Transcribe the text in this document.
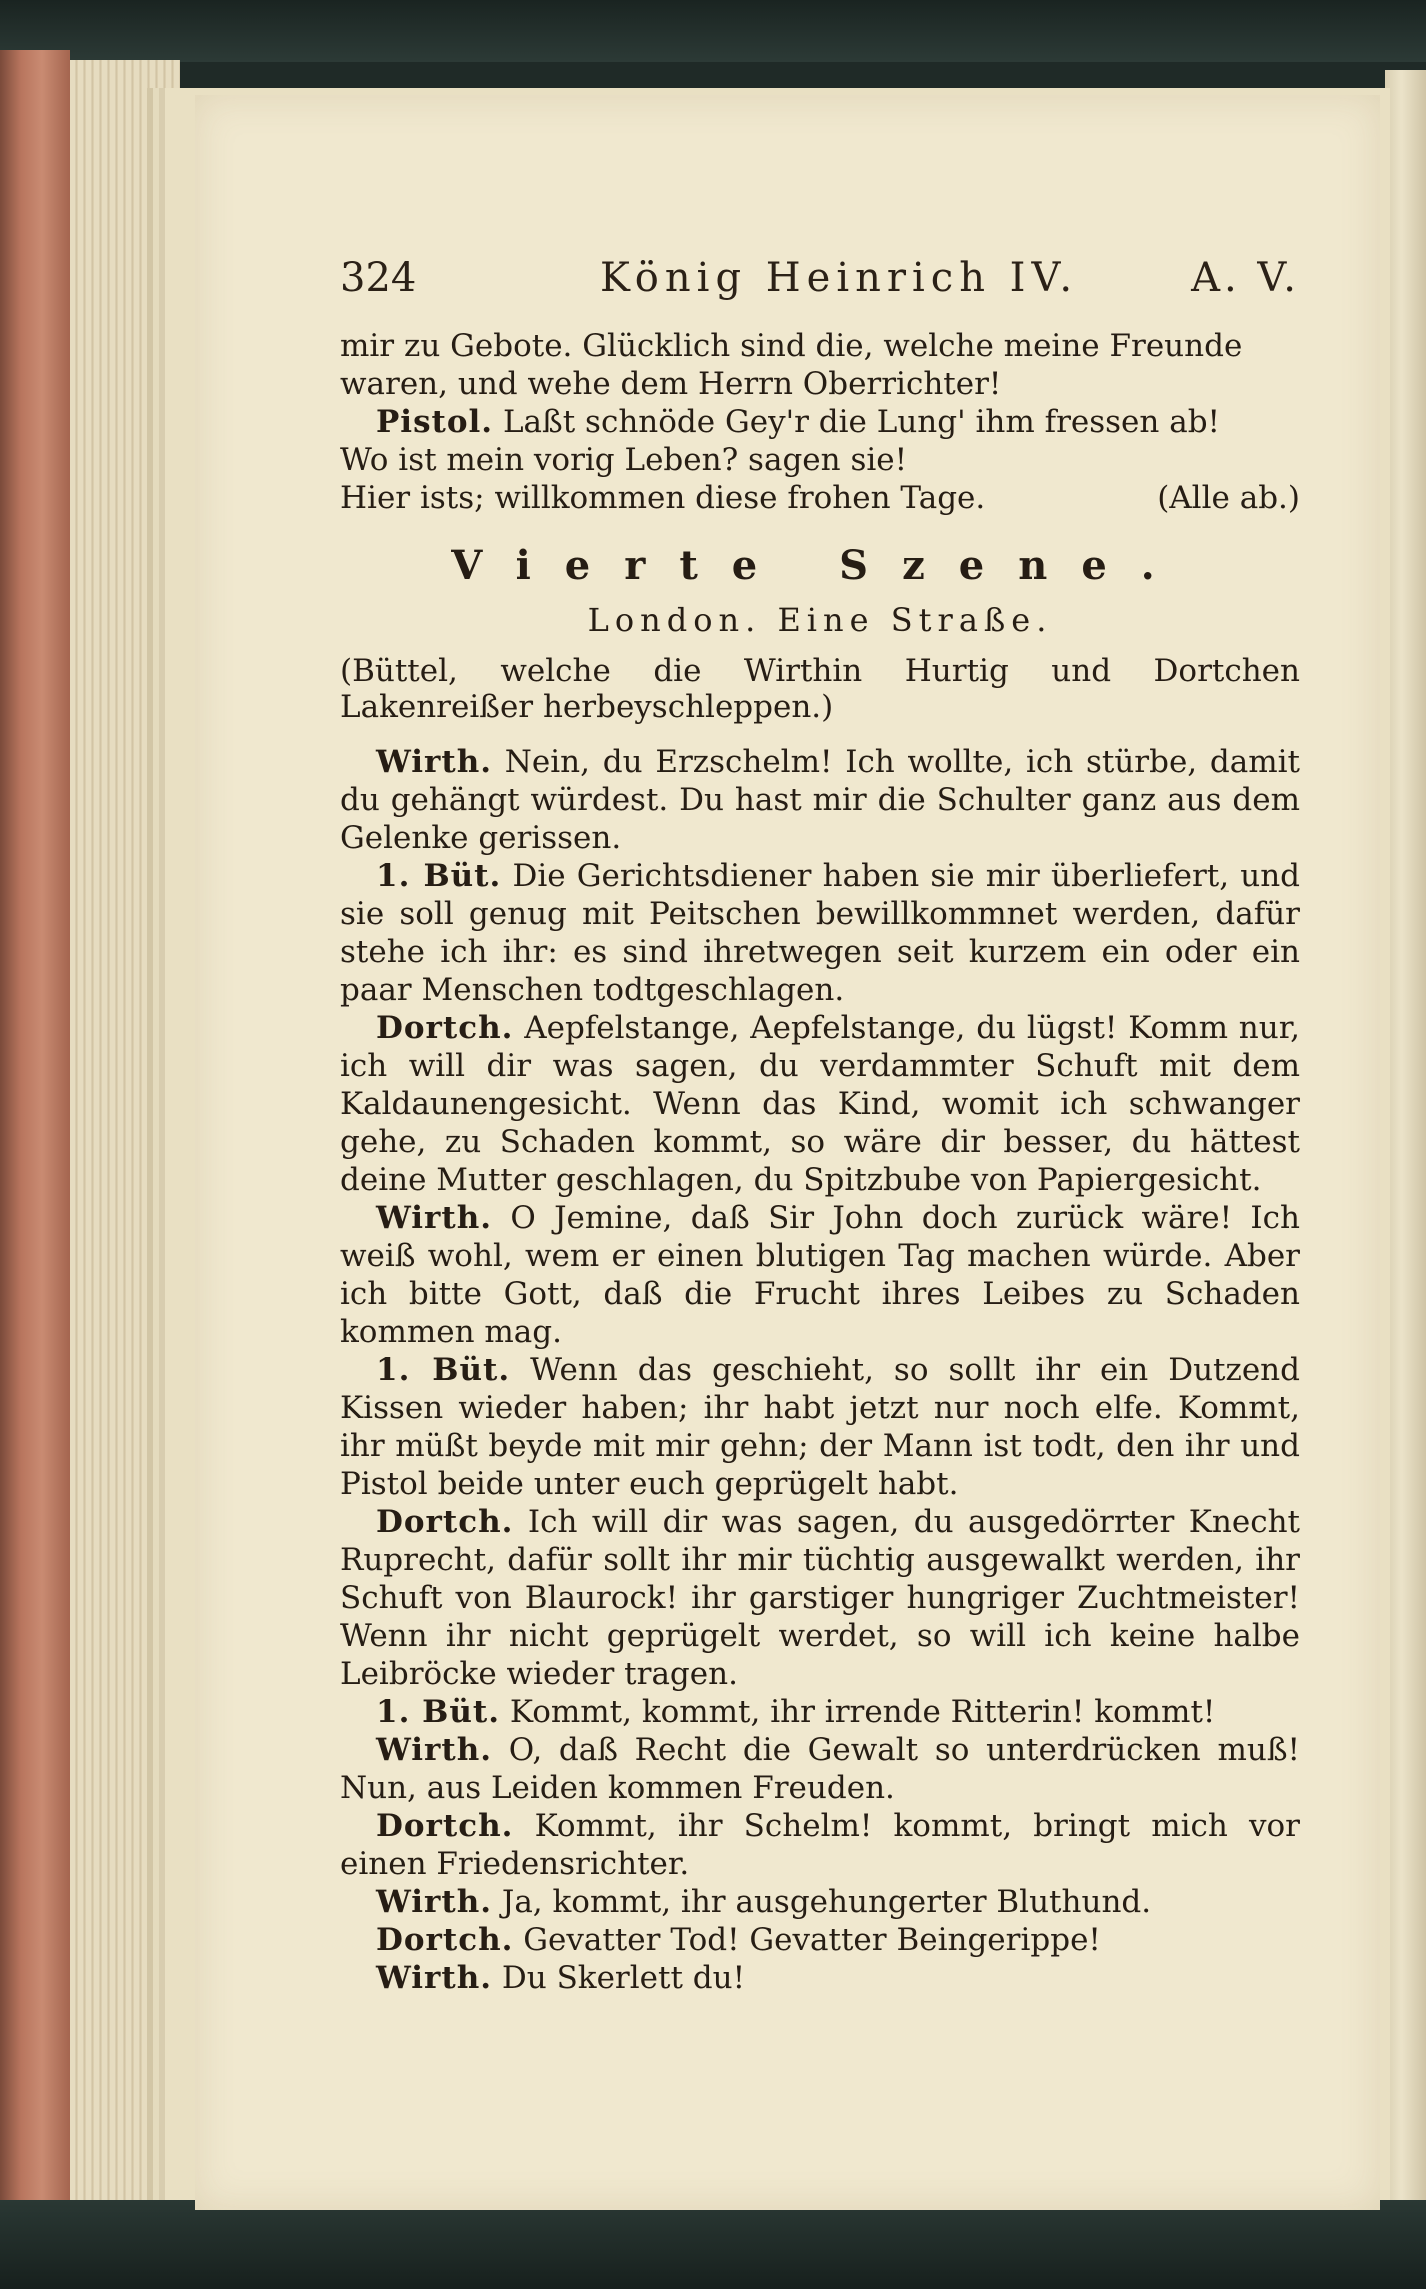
324	König Heinrich IV.	A. V.

mir zu Gebote. Glücklich sind die, welche meine Freunde

waren, und wehe dem Herrn Oberrichter!

Pistol. Laßt schnöde Gey'r die Lung' ihm fressen ab!

Wo ist mein vorig Leben? sagen sie!

Hier ists; willkommen diese frohen Tage.	(Alle ab.)

Vierte Szene.

London. Eine Straße.

(Büttel, welche die Wirthin Hurtig und Dortchen Lakenreißer herbeyschleppen.)

Wirth. Nein, du Erzschelm! Ich wollte, ich stürbe, damit du gehängt würdest. Du hast mir die Schulter ganz aus dem Gelenke gerissen.

1. Büt. Die Gerichtsdiener haben sie mir überliefert, und sie soll genug mit Peitschen bewillkommnet werden, dafür stehe ich ihr: es sind ihretwegen seit kurzem ein oder ein paar Menschen todtgeschlagen.

Dortch. Aepfelstange, Aepfelstange, du lügst! Komm nur, ich will dir was sagen, du verdammter Schuft mit dem Kaldaunengesicht. Wenn das Kind, womit ich schwanger gehe, zu Schaden kommt, so wäre dir besser, du hättest deine Mutter geschlagen, du Spitzbube von Papiergesicht.

Wirth. O Jemine, daß Sir John doch zurück wäre! Ich weiß wohl, wem er einen blutigen Tag machen würde. Aber ich bitte Gott, daß die Frucht ihres Leibes zu Schaden kommen mag.

1. Büt. Wenn das geschieht, so sollt ihr ein Dutzend Kissen wieder haben; ihr habt jetzt nur noch elfe. Kommt, ihr müßt beyde mit mir gehn; der Mann ist todt, den ihr und Pistol beide unter euch geprügelt habt.

Dortch. Ich will dir was sagen, du ausgedörrter Knecht Ruprecht, dafür sollt ihr mir tüchtig ausgewalkt werden, ihr Schuft von Blaurock! ihr garstiger hungriger Zuchtmeister! Wenn ihr nicht geprügelt werdet, so will ich keine halbe Leibröcke wieder tragen.

1. Büt. Kommt, kommt, ihr irrende Ritterin! kommt!

Wirth. O, daß Recht die Gewalt so unterdrücken muß! Nun, aus Leiden kommen Freuden.

Dortch. Kommt, ihr Schelm! kommt, bringt mich vor einen Friedensrichter.

Wirth. Ja, kommt, ihr ausgehungerter Bluthund.

Dortch. Gevatter Tod! Gevatter Beingerippe!

Wirth. Du Skerlett du!
